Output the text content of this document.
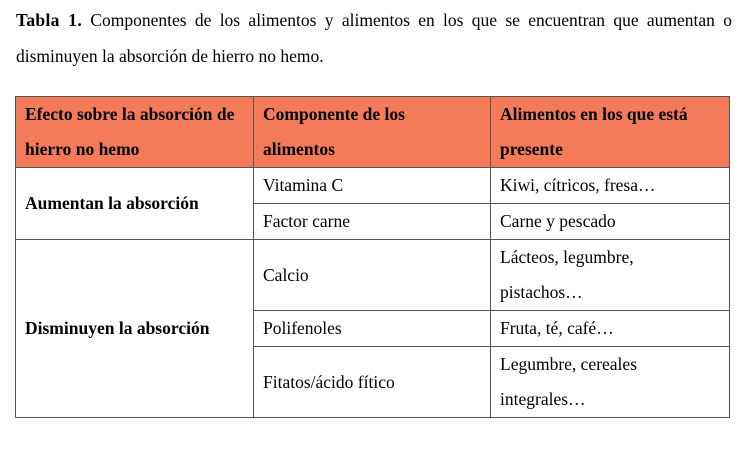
Tabla 1. Componentes de los alimentos y alimentos en los que se encuentran que aumentan o disminuyen la absorción de hierro no hemo.
Efecto sobre la absorción de hierro no hemo	Componente de los alimentos	Alimentos en los que está presente
Aumentan la absorción	Vitamina C	Kiwi, cítricos, fresa…
	Factor carne	Carne y pescado
Disminuyen la absorción	Calcio	Lácteos, legumbre, pistachos…
	Polifenoles	Fruta, té, café…
	Fitatos/ácido fítico	Legumbre, cereales integrales…
